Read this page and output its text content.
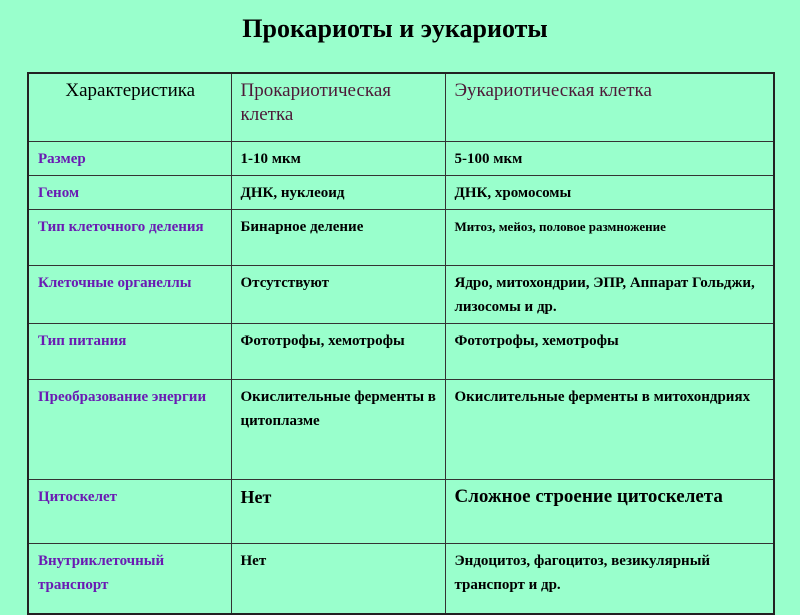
Прокариоты и эукариоты
Характеристика	Прокариотическая клетка	Эукариотическая клетка
Размер	1-10 мкм	5-100 мкм
Геном	ДНК, нуклеоид	ДНК, хромосомы
Тип клеточного деления	Бинарное деление	Митоз, мейоз, половое размножение
Клеточные органеллы	Отсутствуют	Ядро, митохондрии, ЭПР, Аппарат Гольджи, лизосомы и др.
Тип питания	Фототрофы, хемотрофы	Фототрофы, хемотрофы
Преобразование энергии	Окислительные ферменты в цитоплазме	Окислительные ферменты в митохондриях
Цитоскелет	Нет	Сложное строение цитоскелета
Внутриклеточный транспорт	Нет	Эндоцитоз, фагоцитоз, везикулярный транспорт и др.
